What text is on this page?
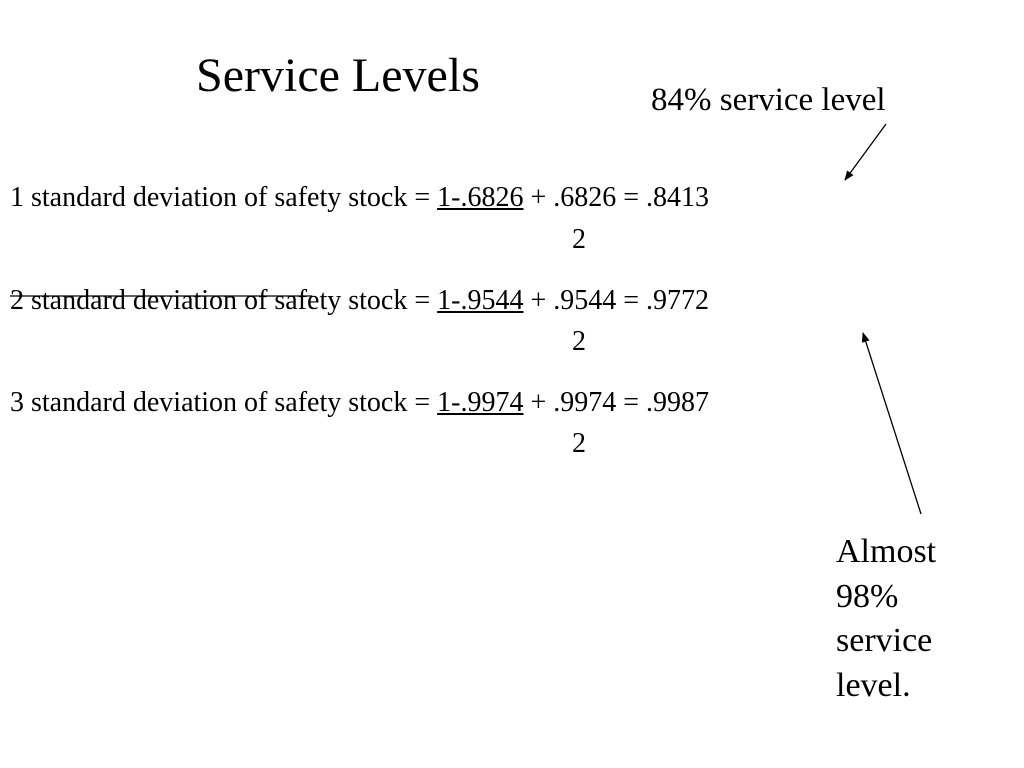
Service Levels	84% service level
1 standard deviation of safety stock = 1-.6826 + .6826 = .8413
2
2 standard deviation of safety stock = 1-.9544 + .9544 = .9772
2
3 standard deviation of safety stock = 1-.9974 + .9974 = .9987
2
Almost
98%
service
level.
